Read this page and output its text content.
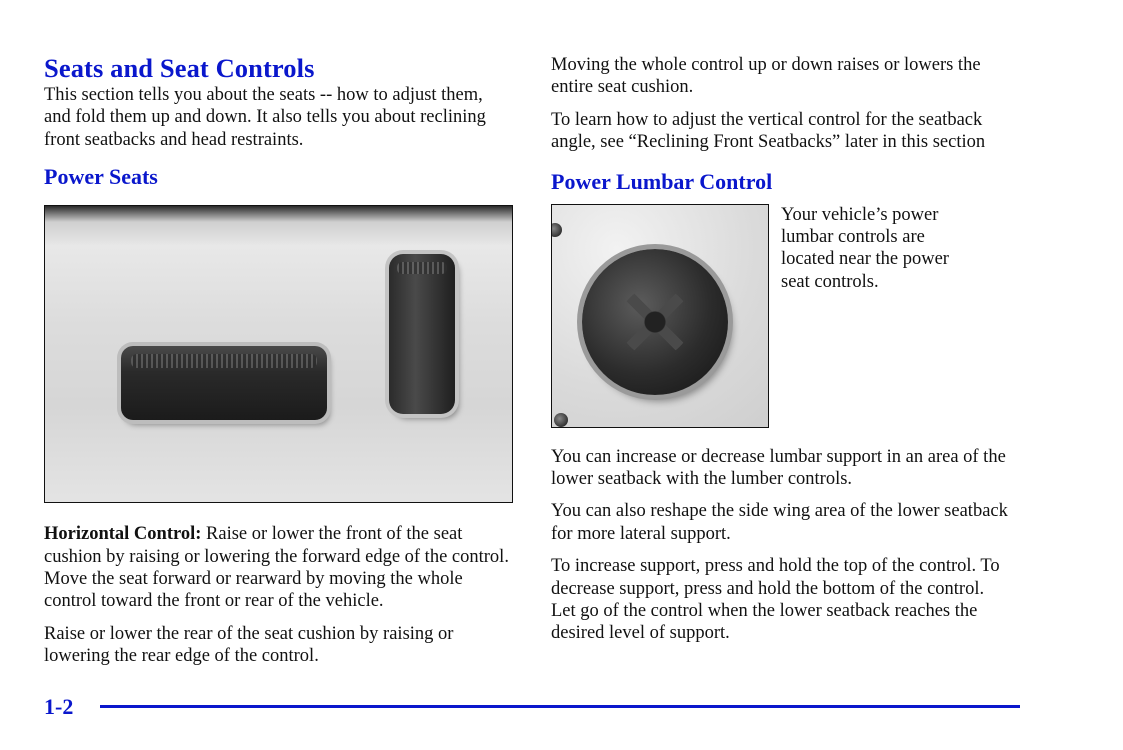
Seats and Seat Controls

This section tells you about the seats -- how to adjust them, and fold them up and down. It also tells you about reclining front seatbacks and head restraints.

Power Seats

Horizontal Control: Raise or lower the front of the seat cushion by raising or lowering the forward edge of the control. Move the seat forward or rearward by moving the whole control toward the front or rear of the vehicle.

Raise or lower the rear of the seat cushion by raising or lowering the rear edge of the control.

Moving the whole control up or down raises or lowers the entire seat cushion.

To learn how to adjust the vertical control for the seatback angle, see “Reclining Front Seatbacks” later in this section

Power Lumbar Control

Your vehicle’s power lumbar controls are located near the power seat controls.

You can increase or decrease lumbar support in an area of the lower seatback with the lumber controls.

You can also reshape the side wing area of the lower seatback for more lateral support.

To increase support, press and hold the top of the control. To decrease support, press and hold the bottom of the control. Let go of the control when the lower seatback reaches the desired level of support.

1-2
